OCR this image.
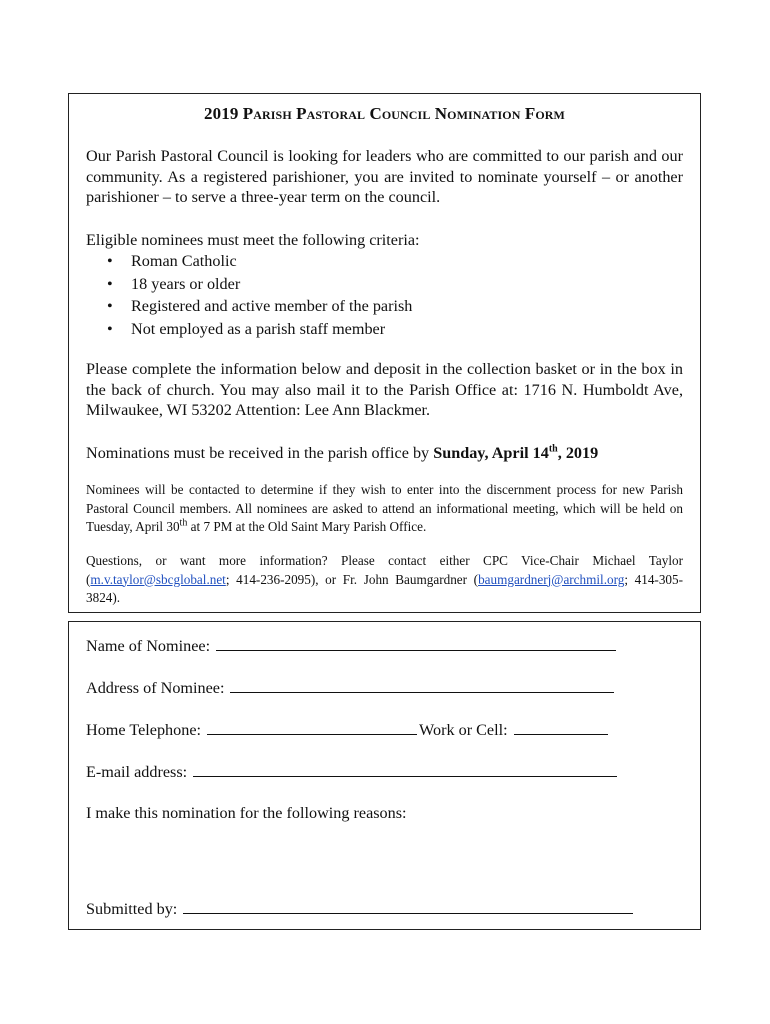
2019 Parish Pastoral Council Nomination Form

Our Parish Pastoral Council is looking for leaders who are committed to our parish and our community. As a registered parishioner, you are invited to nominate yourself – or another parishioner – to serve a three-year term on the council.

Eligible nominees must meet the following criteria:

• Roman Catholic
• 18 years or older
• Registered and active member of the parish
• Not employed as a parish staff member

Please complete the information below and deposit in the collection basket or in the box in the back of church. You may also mail it to the Parish Office at: 1716 N. Humboldt Ave, Milwaukee, WI 53202 Attention: Lee Ann Blackmer.

Nominations must be received in the parish office by Sunday, April 14th, 2019

Nominees will be contacted to determine if they wish to enter into the discernment process for new Parish Pastoral Council members. All nominees are asked to attend an informational meeting, which will be held on Tuesday, April 30th at 7 PM at the Old Saint Mary Parish Office.

Questions, or want more information? Please contact either CPC Vice-Chair Michael Taylor (m.v.taylor@sbcglobal.net; 414-236-2095), or Fr. John Baumgardner (baumgardnerj@archmil.org; 414-305-3824).

Name of Nominee:
Address of Nominee:
Home Telephone:	Work or Cell:
E-mail address:
I make this nomination for the following reasons:
Submitted by:
